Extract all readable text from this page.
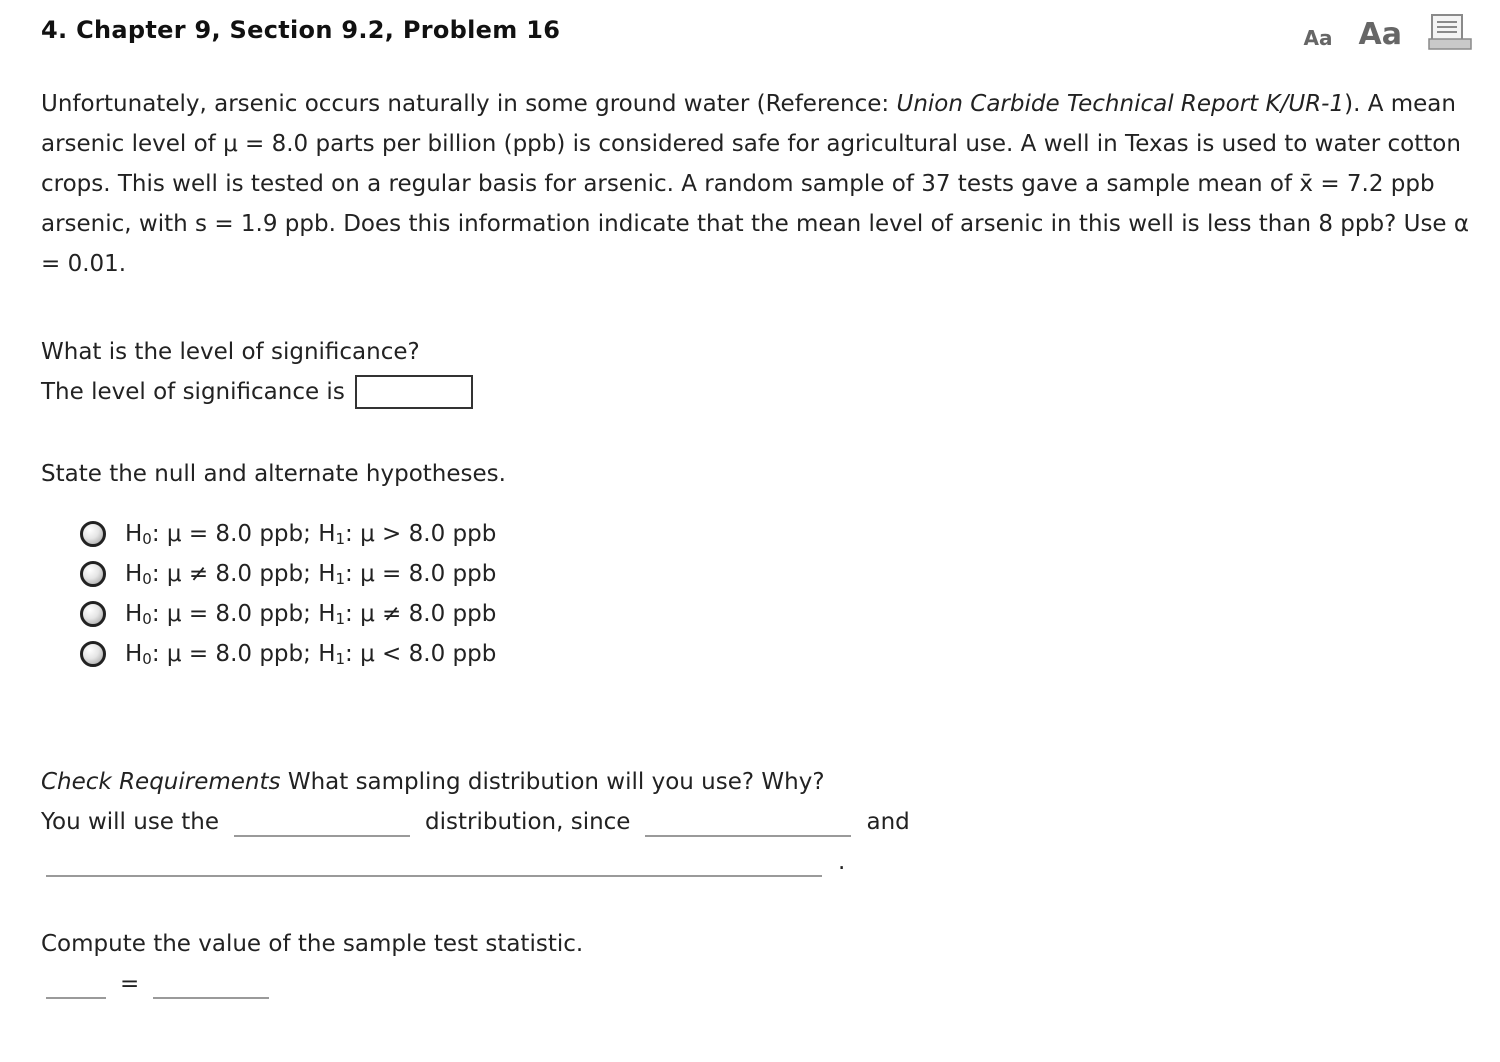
4. Chapter 9, Section 9.2, Problem 16	Aa Aa
Unfortunately, arsenic occurs naturally in some ground water (Reference: Union Carbide Technical Report K/UR-1). A mean arsenic level of μ = 8.0 parts per billion (ppb) is considered safe for agricultural use. A well in Texas is used to water cotton crops. This well is tested on a regular basis for arsenic. A random sample of 37 tests gave a sample mean of x̄ = 7.2 ppb arsenic, with s = 1.9 ppb. Does this information indicate that the mean level of arsenic in this well is less than 8 ppb? Use α = 0.01.
What is the level of significance?
The level of significance is
State the null and alternate hypotheses.
$H_0$: μ = 8.0 ppb; $H_1$: μ > 8.0 ppb
$H_0$: μ ≠ 8.0 ppb; $H_1$: μ = 8.0 ppb
$H_0$: μ = 8.0 ppb; $H_1$: μ ≠ 8.0 ppb
$H_0$: μ = 8.0 ppb; $H_1$: μ < 8.0 ppb
Check Requirements What sampling distribution will you use? Why?
You will use the	distribution, since	and
.
Compute the value of the sample test statistic.
=
